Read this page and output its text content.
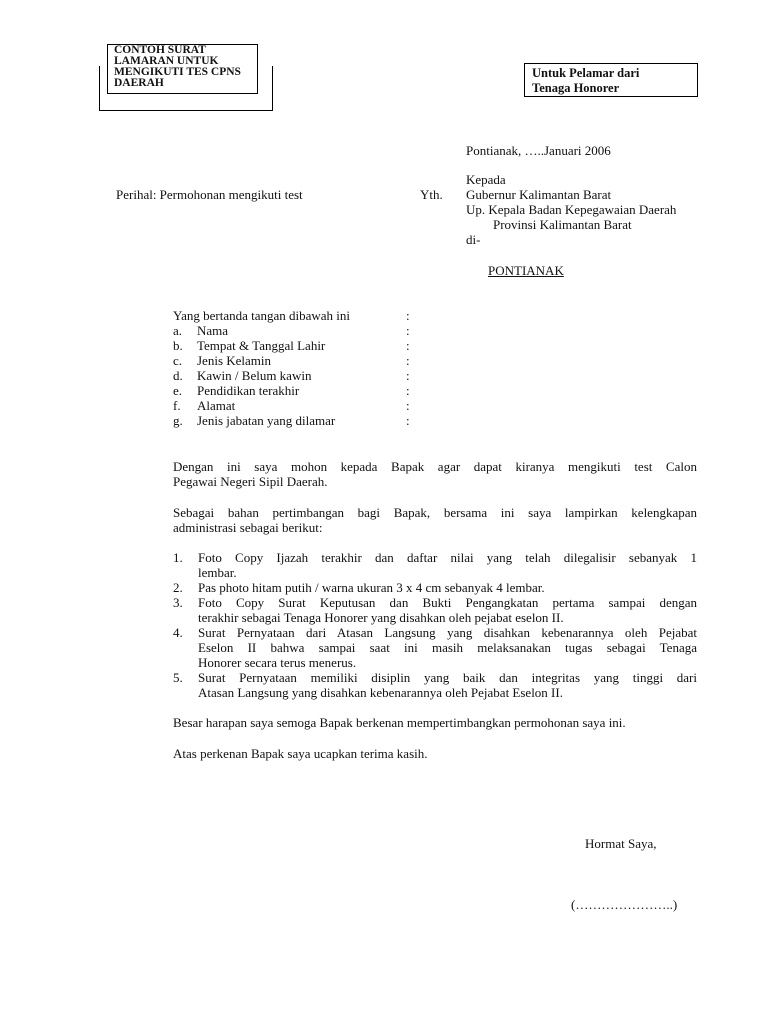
CONTOH SURAT
LAMARAN UNTUK
MENGIKUTI TES CPNS
DAERAH
Untuk Pelamar dari
Tenaga Honorer
Pontianak, …..Januari 2006
Kepada
Perihal: Permohonan mengikuti test	Yth. Gubernur Kalimantan Barat
Up. Kepala Badan Kepegawaian Daerah
Provinsi Kalimantan Barat
di-
PONTIANAK
Yang bertanda tangan dibawah ini	:
a. Nama	:
b. Tempat & Tanggal Lahir	:
c. Jenis Kelamin	:
d. Kawin / Belum kawin	:
e. Pendidikan terakhir	:
f. Alamat	:
g. Jenis jabatan yang dilamar	:
Dengan ini saya mohon kepada Bapak agar dapat kiranya mengikuti test Calon
Pegawai Negeri Sipil Daerah.
Sebagai bahan pertimbangan bagi Bapak, bersama ini saya lampirkan kelengkapan
administrasi sebagai berikut:
1. Foto Copy Ijazah terakhir dan daftar nilai yang telah dilegalisir sebanyak 1
lembar.
2. Pas photo hitam putih / warna ukuran 3 x 4 cm sebanyak 4 lembar.
3. Foto Copy Surat Keputusan dan Bukti Pengangkatan pertama sampai dengan
terakhir sebagai Tenaga Honorer yang disahkan oleh pejabat eselon II.
4. Surat Pernyataan dari Atasan Langsung yang disahkan kebenarannya oleh Pejabat
Eselon II bahwa sampai saat ini masih melaksanakan tugas sebagai Tenaga
Honorer secara terus menerus.
5. Surat Pernyataan memiliki disiplin yang baik dan integritas yang tinggi dari
Atasan Langsung yang disahkan kebenarannya oleh Pejabat Eselon II.
Besar harapan saya semoga Bapak berkenan mempertimbangkan permohonan saya ini.
Atas perkenan Bapak saya ucapkan terima kasih.
Hormat Saya,
(…………………..)
